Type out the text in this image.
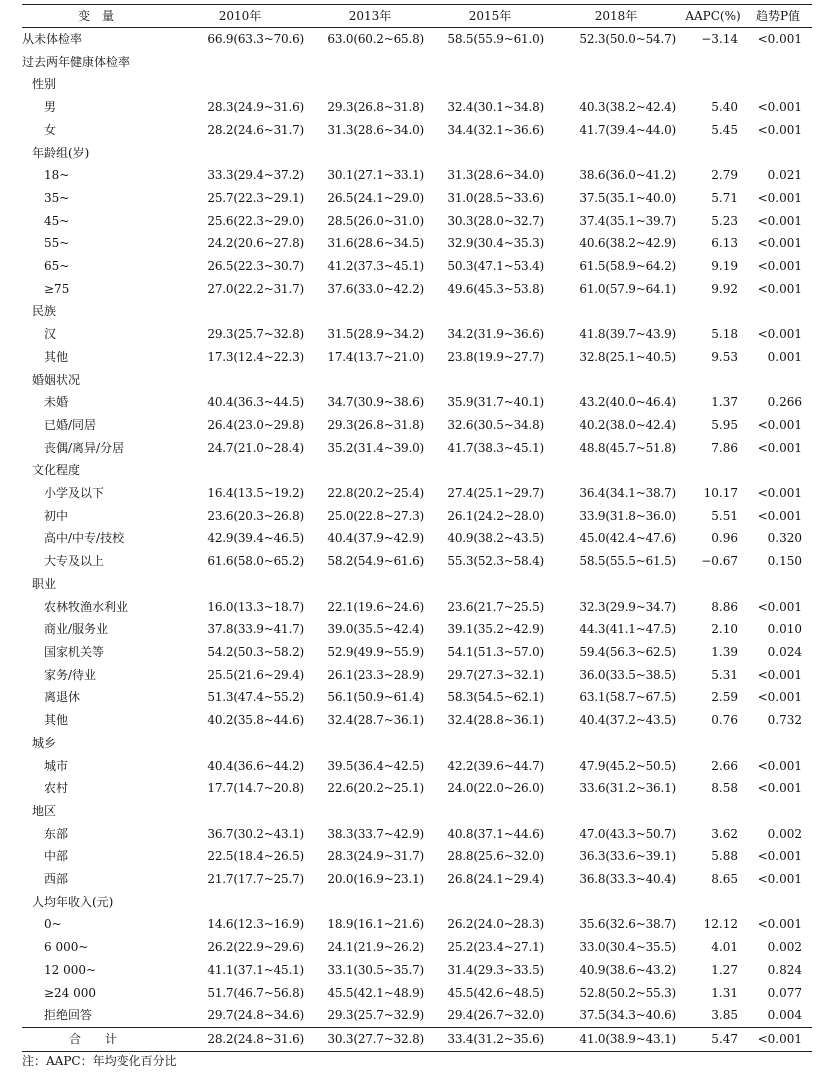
变　量	2010年	2013年	2015年	2018年	AAPC(%)	趋势P值
从未体检率	66.9(63.3~70.6)	63.0(60.2~65.8)	58.5(55.9~61.0)	52.3(50.0~54.7)	−3.14	<0.001
过去两年健康体检率						
性别						
男	28.3(24.9~31.6)	29.3(26.8~31.8)	32.4(30.1~34.8)	40.3(38.2~42.4)	5.40	<0.001
女	28.2(24.6~31.7)	31.3(28.6~34.0)	34.4(32.1~36.6)	41.7(39.4~44.0)	5.45	<0.001
年龄组(岁)						
18~	33.3(29.4~37.2)	30.1(27.1~33.1)	31.3(28.6~34.0)	38.6(36.0~41.2)	2.79	0.021
35~	25.7(22.3~29.1)	26.5(24.1~29.0)	31.0(28.5~33.6)	37.5(35.1~40.0)	5.71	<0.001
45~	25.6(22.3~29.0)	28.5(26.0~31.0)	30.3(28.0~32.7)	37.4(35.1~39.7)	5.23	<0.001
55~	24.2(20.6~27.8)	31.6(28.6~34.5)	32.9(30.4~35.3)	40.6(38.2~42.9)	6.13	<0.001
65~	26.5(22.3~30.7)	41.2(37.3~45.1)	50.3(47.1~53.4)	61.5(58.9~64.2)	9.19	<0.001
≥75	27.0(22.2~31.7)	37.6(33.0~42.2)	49.6(45.3~53.8)	61.0(57.9~64.1)	9.92	<0.001
民族						
汉	29.3(25.7~32.8)	31.5(28.9~34.2)	34.2(31.9~36.6)	41.8(39.7~43.9)	5.18	<0.001
其他	17.3(12.4~22.3)	17.4(13.7~21.0)	23.8(19.9~27.7)	32.8(25.1~40.5)	9.53	0.001
婚姻状况						
未婚	40.4(36.3~44.5)	34.7(30.9~38.6)	35.9(31.7~40.1)	43.2(40.0~46.4)	1.37	0.266
已婚/同居	26.4(23.0~29.8)	29.3(26.8~31.8)	32.6(30.5~34.8)	40.2(38.0~42.4)	5.95	<0.001
丧偶/离异/分居	24.7(21.0~28.4)	35.2(31.4~39.0)	41.7(38.3~45.1)	48.8(45.7~51.8)	7.86	<0.001
文化程度						
小学及以下	16.4(13.5~19.2)	22.8(20.2~25.4)	27.4(25.1~29.7)	36.4(34.1~38.7)	10.17	<0.001
初中	23.6(20.3~26.8)	25.0(22.8~27.3)	26.1(24.2~28.0)	33.9(31.8~36.0)	5.51	<0.001
高中/中专/技校	42.9(39.4~46.5)	40.4(37.9~42.9)	40.9(38.2~43.5)	45.0(42.4~47.6)	0.96	0.320
大专及以上	61.6(58.0~65.2)	58.2(54.9~61.6)	55.3(52.3~58.4)	58.5(55.5~61.5)	−0.67	0.150
职业						
农林牧渔水利业	16.0(13.3~18.7)	22.1(19.6~24.6)	23.6(21.7~25.5)	32.3(29.9~34.7)	8.86	<0.001
商业/服务业	37.8(33.9~41.7)	39.0(35.5~42.4)	39.1(35.2~42.9)	44.3(41.1~47.5)	2.10	0.010
国家机关等	54.2(50.3~58.2)	52.9(49.9~55.9)	54.1(51.3~57.0)	59.4(56.3~62.5)	1.39	0.024
家务/待业	25.5(21.6~29.4)	26.1(23.3~28.9)	29.7(27.3~32.1)	36.0(33.5~38.5)	5.31	<0.001
离退休	51.3(47.4~55.2)	56.1(50.9~61.4)	58.3(54.5~62.1)	63.1(58.7~67.5)	2.59	<0.001
其他	40.2(35.8~44.6)	32.4(28.7~36.1)	32.4(28.8~36.1)	40.4(37.2~43.5)	0.76	0.732
城乡						
城市	40.4(36.6~44.2)	39.5(36.4~42.5)	42.2(39.6~44.7)	47.9(45.2~50.5)	2.66	<0.001
农村	17.7(14.7~20.8)	22.6(20.2~25.1)	24.0(22.0~26.0)	33.6(31.2~36.1)	8.58	<0.001
地区						
东部	36.7(30.2~43.1)	38.3(33.7~42.9)	40.8(37.1~44.6)	47.0(43.3~50.7)	3.62	0.002
中部	22.5(18.4~26.5)	28.3(24.9~31.7)	28.8(25.6~32.0)	36.3(33.6~39.1)	5.88	<0.001
西部	21.7(17.7~25.7)	20.0(16.9~23.1)	26.8(24.1~29.4)	36.8(33.3~40.4)	8.65	<0.001
人均年收入(元)						
0~	14.6(12.3~16.9)	18.9(16.1~21.6)	26.2(24.0~28.3)	35.6(32.6~38.7)	12.12	<0.001
6 000~	26.2(22.9~29.6)	24.1(21.9~26.2)	25.2(23.4~27.1)	33.0(30.4~35.5)	4.01	0.002
12 000~	41.1(37.1~45.1)	33.1(30.5~35.7)	31.4(29.3~33.5)	40.9(38.6~43.2)	1.27	0.824
≥24 000	51.7(46.7~56.8)	45.5(42.1~48.9)	45.5(42.6~48.5)	52.8(50.2~55.3)	1.31	0.077
拒绝回答	29.7(24.8~34.6)	29.3(25.7~32.9)	29.4(26.7~32.0)	37.5(34.3~40.6)	3.85	0.004
合　计	28.2(24.8~31.6)	30.3(27.7~32.8)	33.4(31.2~35.6)	41.0(38.9~43.1)	5.47	<0.001
注：AAPC：年均变化百分比
